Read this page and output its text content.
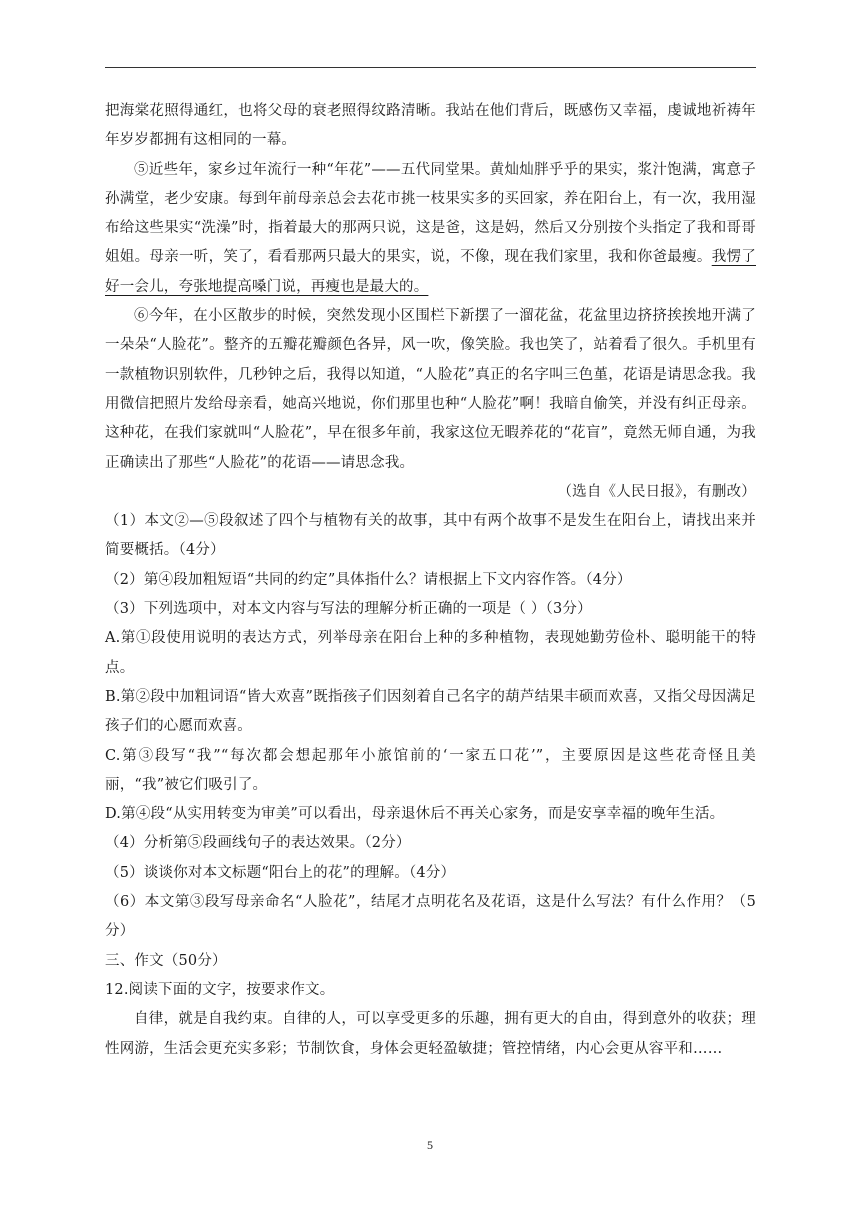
把海棠花照得通红，也将父母的衰老照得纹路清晰。我站在他们背后，既感伤又幸福，虔诚地祈祷年年岁岁都拥有这相同的一幕。

⑤近些年，家乡过年流行一种“年花”——五代同堂果。黄灿灿胖乎乎的果实，浆汁饱满，寓意子孙满堂，老少安康。每到年前母亲总会去花市挑一枝果实多的买回家，养在阳台上，有一次，我用湿布给这些果实“洗澡”时，指着最大的那两只说，这是爸，这是妈，然后又分别按个头指定了我和哥哥姐姐。母亲一听，笑了，看看那两只最大的果实，说，不像，现在我们家里，我和你爸最瘦。我愣了好一会儿，夸张地提高嗓门说，再瘦也是最大的。

⑥今年，在小区散步的时候，突然发现小区围栏下新摆了一溜花盆，花盆里边挤挤挨挨地开满了一朵朵“人脸花”。整齐的五瓣花瓣颜色各异，风一吹，像笑脸。我也笑了，站着看了很久。手机里有一款植物识别软件，几秒钟之后，我得以知道，“人脸花”真正的名字叫三色堇，花语是请思念我。我用微信把照片发给母亲看，她高兴地说，你们那里也种“人脸花”啊！我暗自偷笑，并没有纠正母亲。这种花，在我们家就叫“人脸花”，早在很多年前，我家这位无暇养花的“花盲”，竟然无师自通，为我正确读出了那些“人脸花”的花语——请思念我。

（选自《人民日报》，有删改）

（1）本文②—⑤段叙述了四个与植物有关的故事，其中有两个故事不是发生在阳台上，请找出来并简要概括。（4分）

（2）第④段加粗短语“共同的约定”具体指什么？请根据上下文内容作答。（4分）

（3）下列选项中，对本文内容与写法的理解分析正确的一项是（ ）（3分）

A.第①段使用说明的表达方式，列举母亲在阳台上种的多种植物，表现她勤劳俭朴、聪明能干的特点。

B.第②段中加粗词语“皆大欢喜”既指孩子们因刻着自己名字的葫芦结果丰硕而欢喜，又指父母因满足孩子们的心愿而欢喜。

C.第③段写“我”“每次都会想起那年小旅馆前的‘一家五口花’”，主要原因是这些花奇怪且美丽，“我”被它们吸引了。

D.第④段“从实用转变为审美”可以看出，母亲退休后不再关心家务，而是安享幸福的晚年生活。

（4）分析第⑤段画线句子的表达效果。（2分）

（5）谈谈你对本文标题“阳台上的花”的理解。（4分）

（6）本文第③段写母亲命名“人脸花”，结尾才点明花名及花语，这是什么写法？有什么作用？（5分）

三、作文（50分）

12.阅读下面的文字，按要求作文。

自律，就是自我约束。自律的人，可以享受更多的乐趣，拥有更大的自由，得到意外的收获；理性网游，生活会更充实多彩；节制饮食，身体会更轻盈敏捷；管控情绪，内心会更从容平和……

5
